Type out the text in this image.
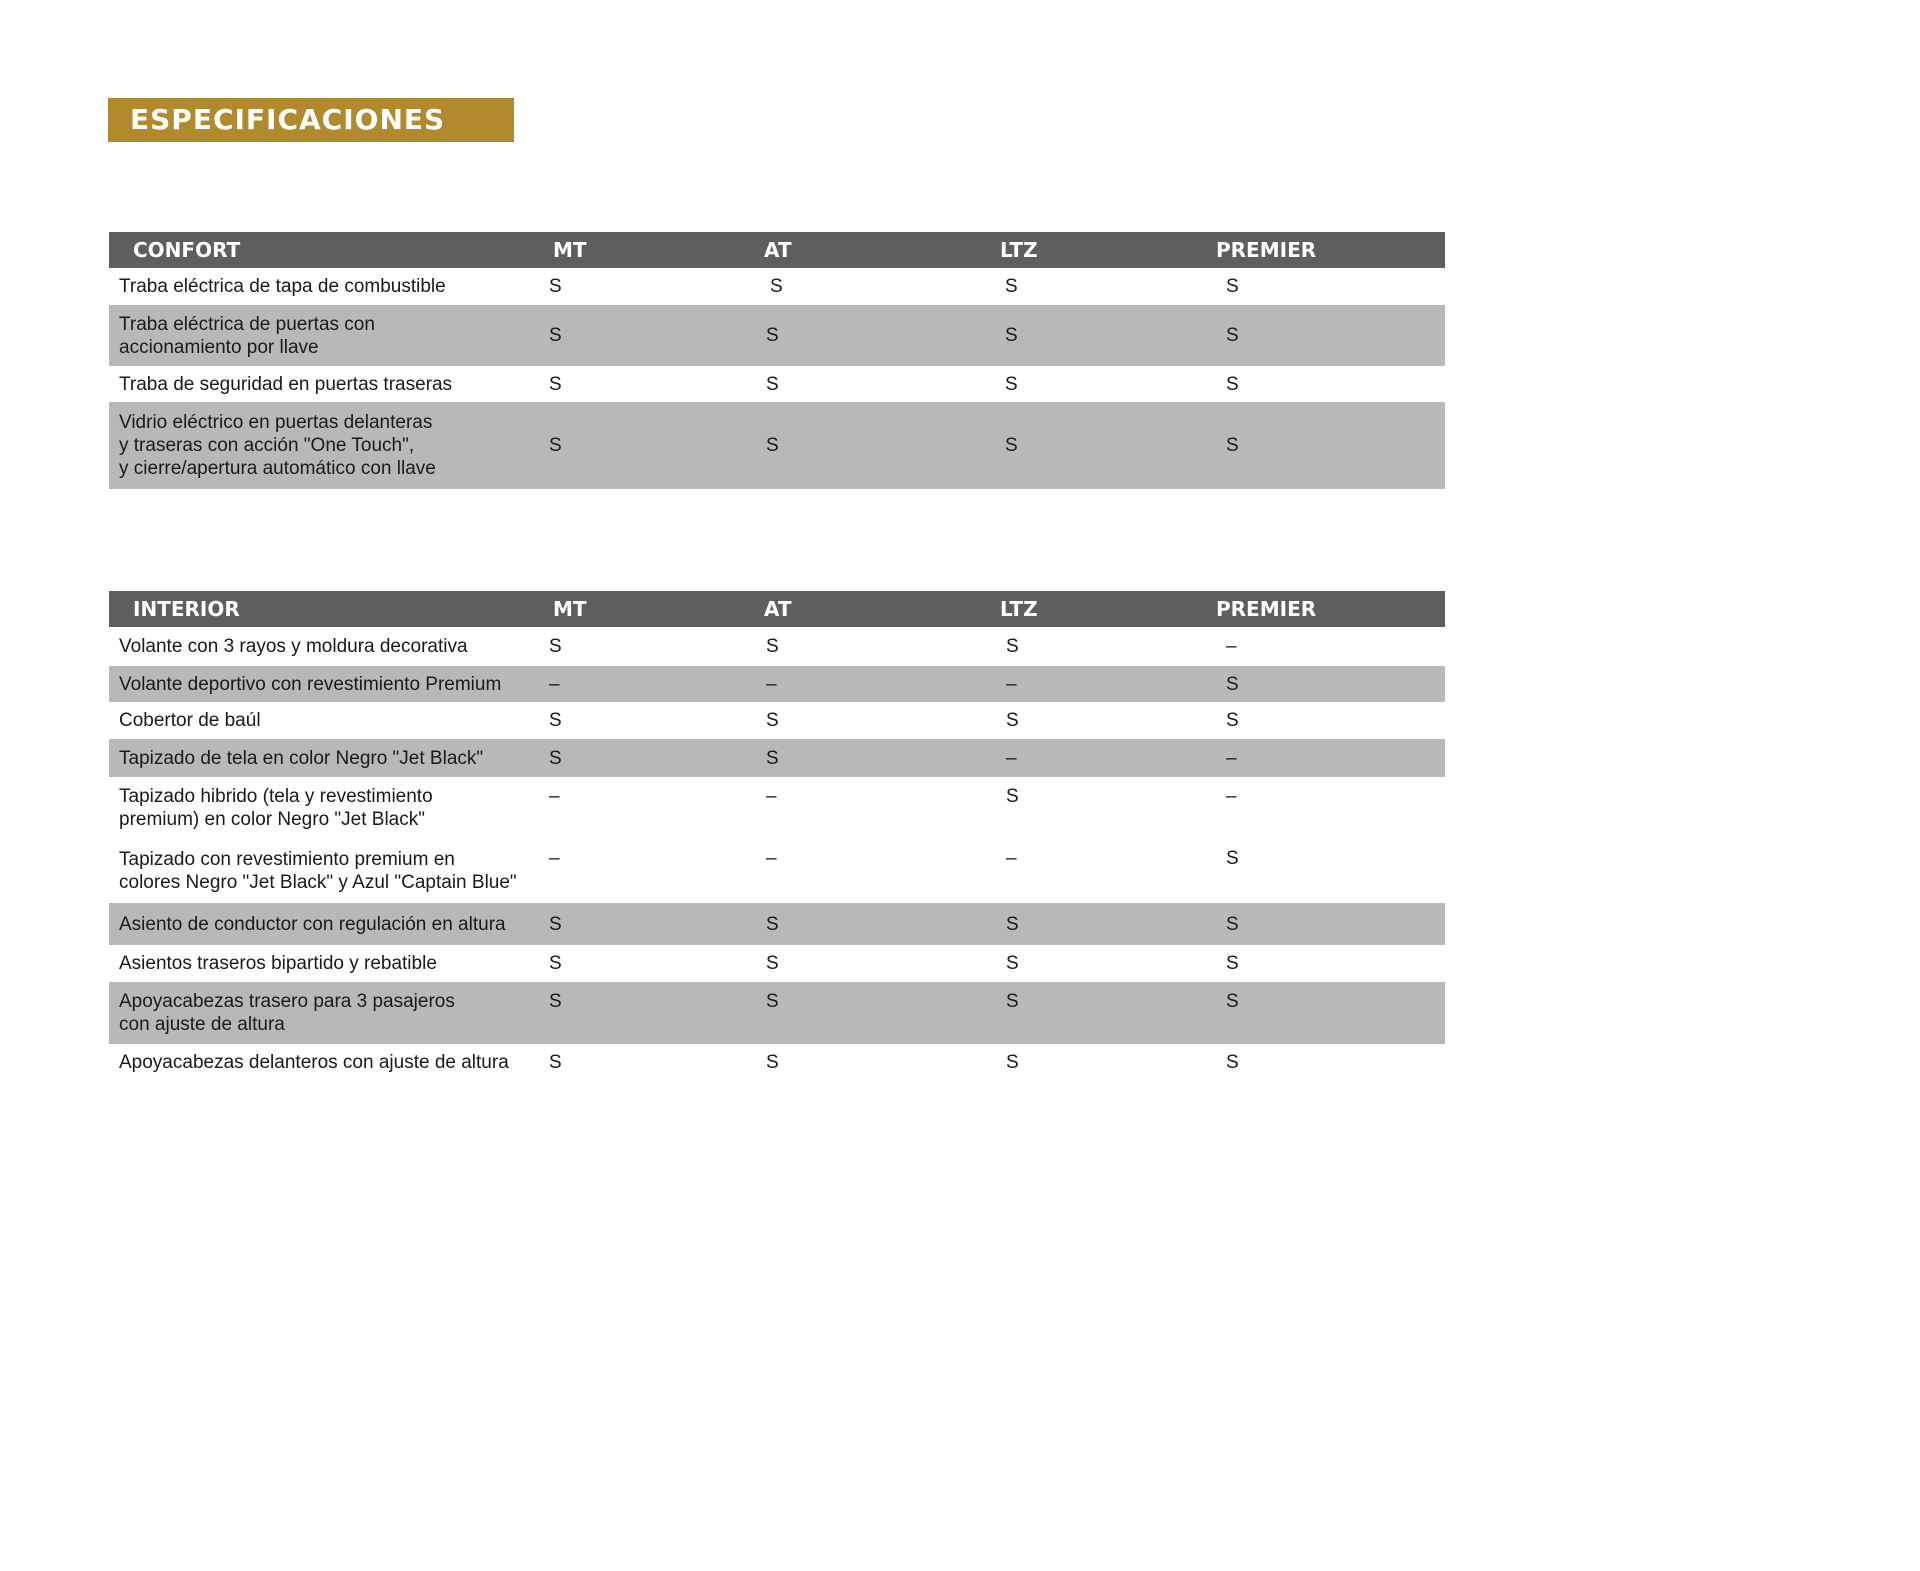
ESPECIFICACIONES
CONFORT	MT	AT	LTZ	PREMIER
Traba eléctrica de tapa de combustible	S	S	S	S
Traba eléctrica de puertas con
accionamiento por llave	S	S	S	S
Traba de seguridad en puertas traseras	S	S	S	S
Vidrio eléctrico en puertas delanteras
y traseras con acción "One Touch",
y cierre/apertura automático con llave	S	S	S	S
INTERIOR	MT	AT	LTZ	PREMIER
Volante con 3 rayos y moldura decorativa	S	S	S	–
Volante deportivo con revestimiento Premium	–	–	–	S
Cobertor de baúl	S	S	S	S
Tapizado de tela en color Negro "Jet Black"	S	S	–	–
Tapizado hibrido (tela y revestimiento
premium) en color Negro "Jet Black"	–	–	S	–
Tapizado con revestimiento premium en
colores Negro "Jet Black" y Azul "Captain Blue"	–	–	–	S
Asiento de conductor con regulación en altura	S	S	S	S
Asientos traseros bipartido y rebatible	S	S	S	S
Apoyacabezas trasero para 3 pasajeros
con ajuste de altura	S	S	S	S
Apoyacabezas delanteros con ajuste de altura	S	S	S	S
